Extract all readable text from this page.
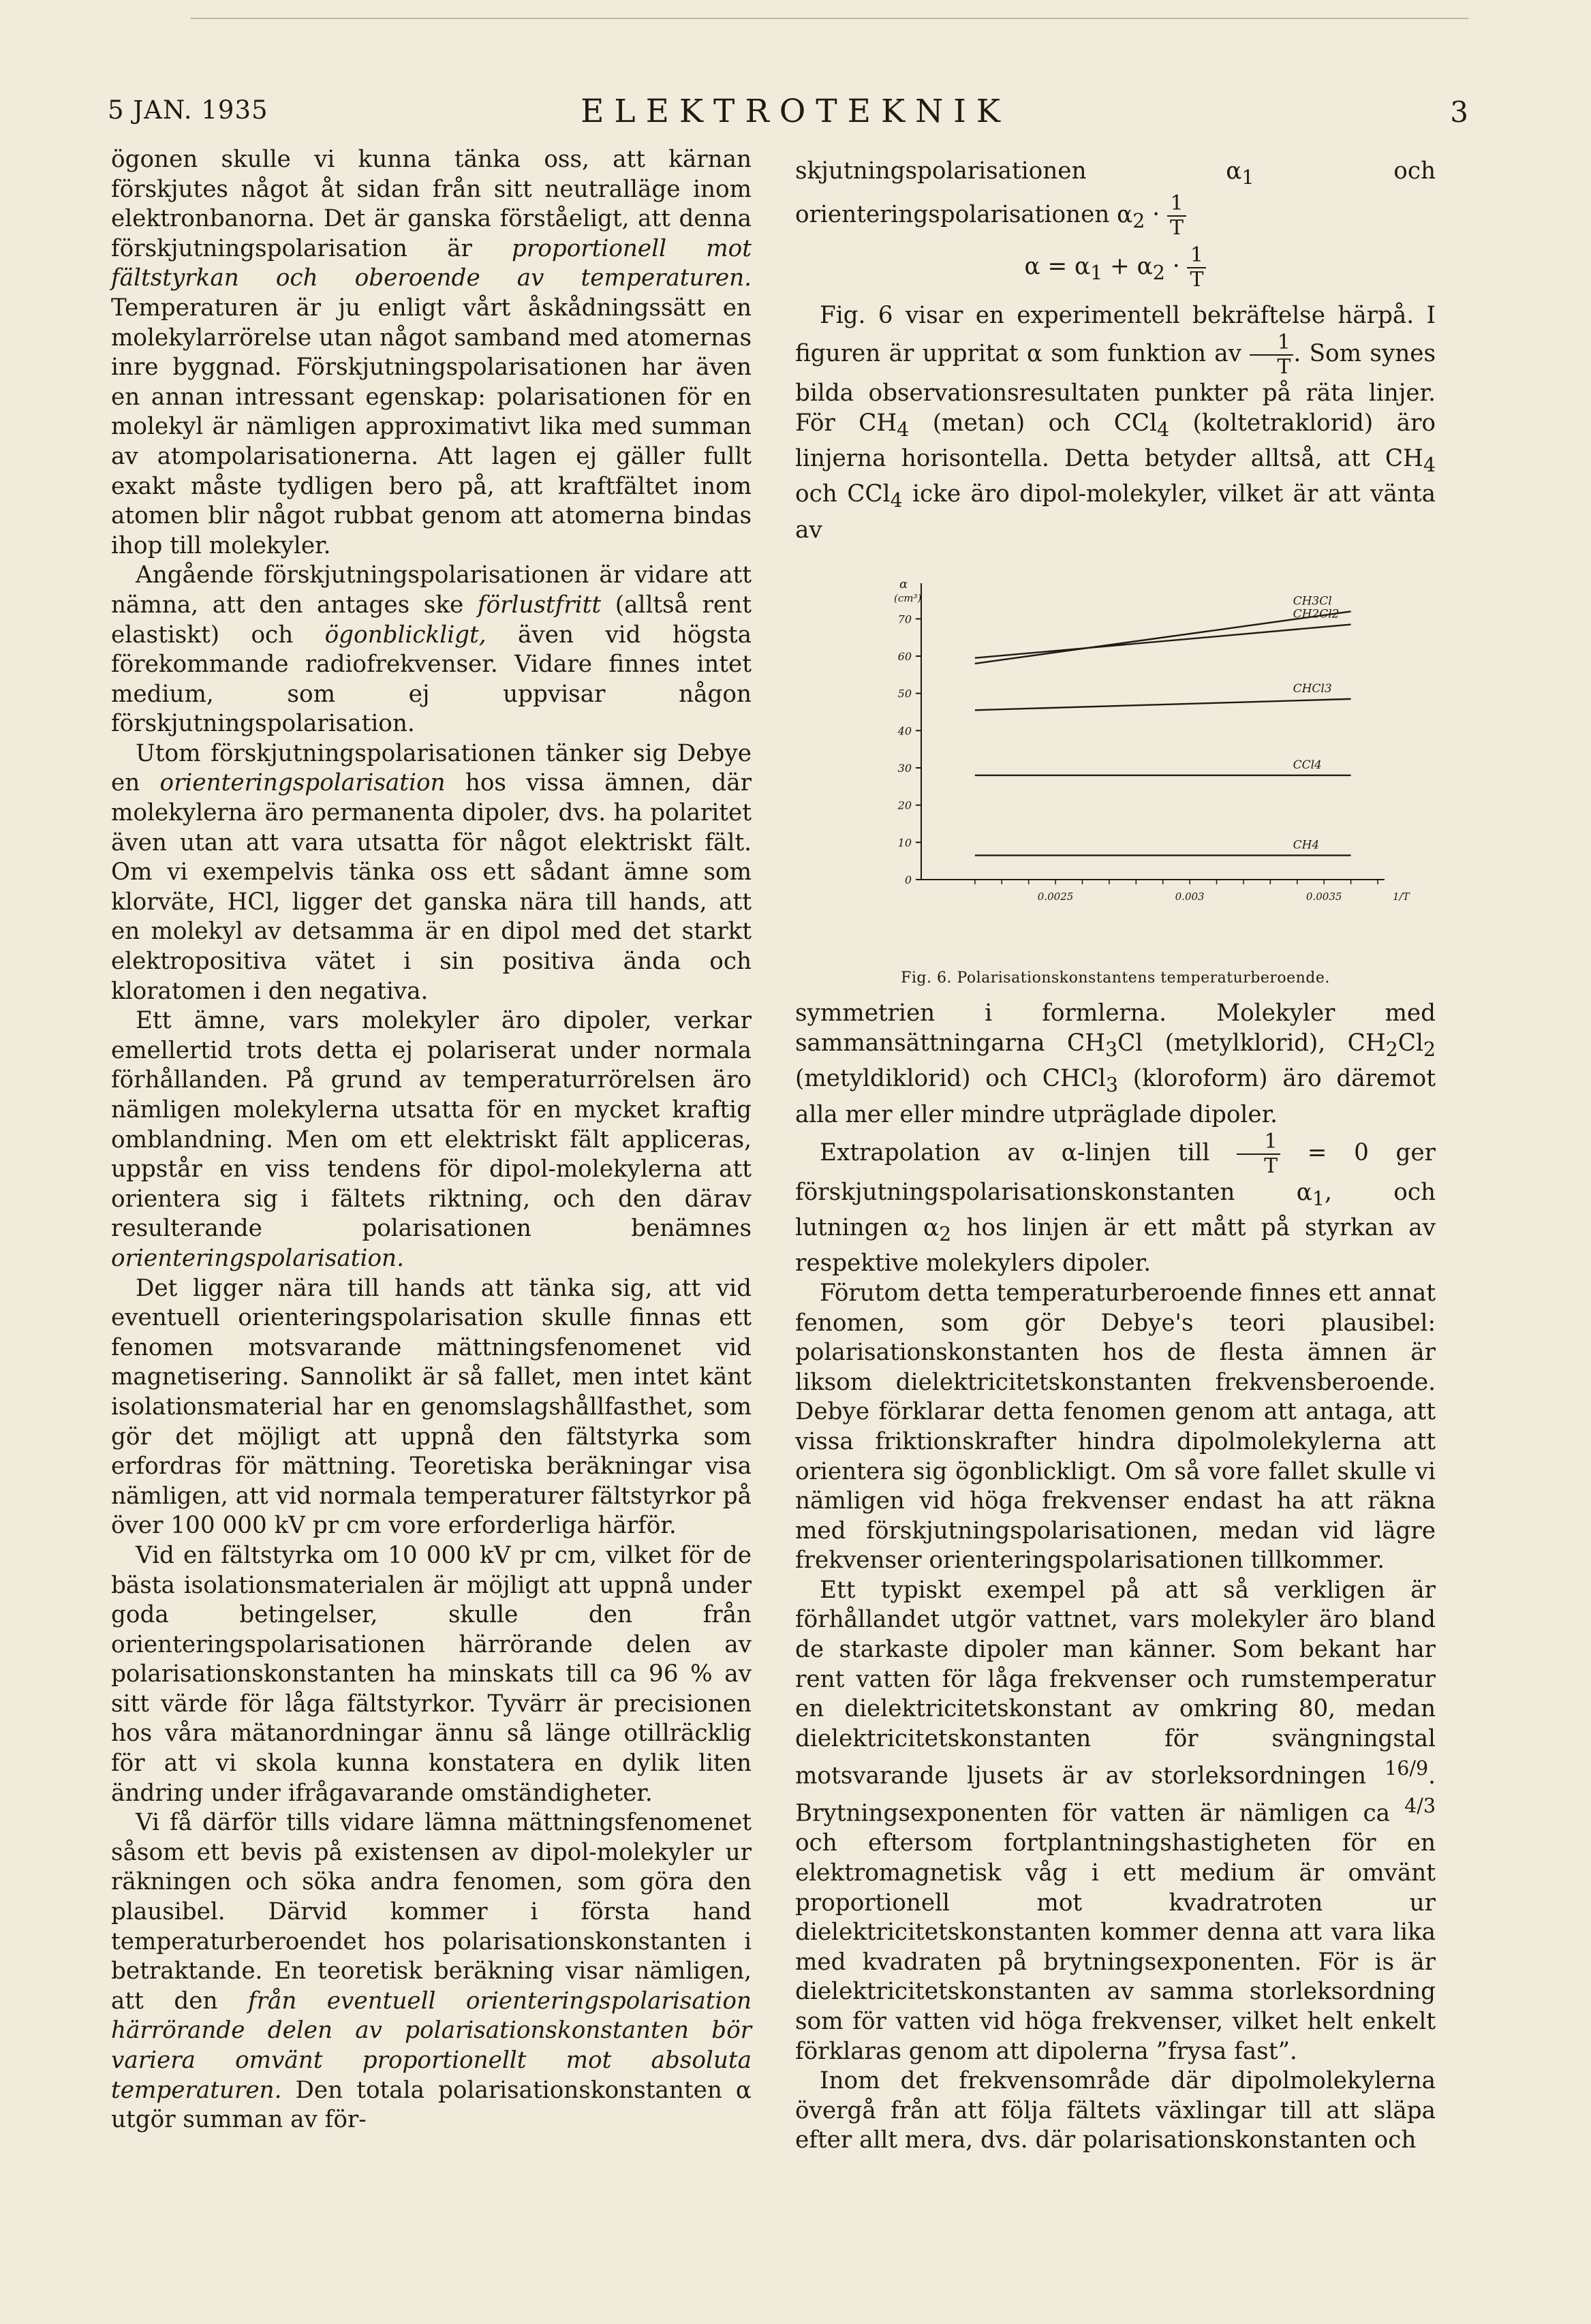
5 JAN. 1935	ELEKTROTEKNIK	3

ögonen skulle vi kunna tänka oss, att kärnan förskjutes något åt sidan från sitt neutralläge inom elektronbanorna. Det är ganska förståeligt, att denna förskjutningspolarisation är proportionell mot fältstyrkan och oberoende av temperaturen. Temperaturen är ju enligt vårt åskådningssätt en molekylarrörelse utan något samband med atomernas inre byggnad. Förskjutningspolarisationen har även en annan intressant egenskap: polarisationen för en molekyl är nämligen approximativt lika med summan av atompolarisationerna. Att lagen ej gäller fullt exakt måste tydligen bero på, att kraftfältet inom atomen blir något rubbat genom att atomerna bindas ihop till molekyler.

Angående förskjutningspolarisationen är vidare att nämna, att den antages ske förlustfritt (alltså rent elastiskt) och ögonblickligt, även vid högsta förekommande radiofrekvenser. Vidare finnes intet medium, som ej uppvisar någon förskjutningspolarisation.

Utom förskjutningspolarisationen tänker sig Debye en orienteringspolarisation hos vissa ämnen, där molekylerna äro permanenta dipoler, dvs. ha polaritet även utan att vara utsatta för något elektriskt fält. Om vi exempelvis tänka oss ett sådant ämne som klorväte, HCl, ligger det ganska nära till hands, att en molekyl av detsamma är en dipol med det starkt elektropositiva vätet i sin positiva ända och kloratomen i den negativa.

Ett ämne, vars molekyler äro dipoler, verkar emellertid trots detta ej polariserat under normala förhållanden. På grund av temperaturrörelsen äro nämligen molekylerna utsatta för en mycket kraftig omblandning. Men om ett elektriskt fält appliceras, uppstår en viss tendens för dipol-molekylerna att orientera sig i fältets riktning, och den därav resulterande polarisationen benämnes orienteringspolarisation.

Det ligger nära till hands att tänka sig, att vid eventuell orienteringspolarisation skulle finnas ett fenomen motsvarande mättningsfenomenet vid magnetisering. Sannolikt är så fallet, men intet känt isolationsmaterial har en genomslagshållfasthet, som gör det möjligt att uppnå den fältstyrka som erfordras för mättning. Teoretiska beräkningar visa nämligen, att vid normala temperaturer fältstyrkor på över 100 000 kV pr cm vore erforderliga härför.

Vid en fältstyrka om 10 000 kV pr cm, vilket för de bästa isolationsmaterialen är möjligt att uppnå under goda betingelser, skulle den från orienteringspolarisationen härrörande delen av polarisationskonstanten ha minskats till ca 96 % av sitt värde för låga fältstyrkor. Tyvärr är precisionen hos våra mätanordningar ännu så länge otillräcklig för att vi skola kunna konstatera en dylik liten ändring under ifrågavarande omständigheter.

Vi få därför tills vidare lämna mättningsfenomenet såsom ett bevis på existensen av dipol-molekyler ur räkningen och söka andra fenomen, som göra den plausibel. Därvid kommer i första hand temperaturberoendet hos polarisationskonstanten i betraktande. En teoretisk beräkning visar nämligen, att den från eventuell orienteringspolarisation härrörande delen av polarisationskonstanten bör variera omvänt proportionellt mot absoluta temperaturen. Den totala polarisationskonstanten α utgör summan av för-

skjutningspolarisationen $\alpha_1$ och orienteringspolarisationen $\alpha_2 \cdot \frac{1}{T}$

$\alpha = \alpha_1 + \alpha_2 \cdot \frac{1}{T}$

Fig. 6 visar en experimentell bekräftelse härpå. I figuren är uppritat α som funktion av $\frac{1}{T}$ . Som synes bilda observationsresultaten punkter på räta linjer. För $CH_4$ (metan) och CCl$_4$ (koltetraklorid) äro linjerna horisontella. Detta betyder alltså, att $CH_4$ och CCl$_4$ icke äro dipol-molekyler, vilket är att vänta av

α
(cm³)
0
10
20
30
40
50
60
70
0.0025	0.003	0.0035	1/T
CH3Cl
CH2Cl2
CHCl3
CCl4
CH4
Fig. 6. Polarisationskonstantens temperaturberoende.

symmetrien i formlerna. Molekyler med sammansättningarna $CH_3Cl$ (metylklorid), $CH_2Cl_2$ (metyldiklorid) och CHCl$_3$ (kloroform) äro däremot alla mer eller mindre utpräglade dipoler.

Extrapolation av α-linjen till $\frac{1}{T} = 0$ ger förskjutningspolarisationskonstanten $\alpha_1$, och lutningen $\alpha_2$ hos linjen är ett mått på styrkan av respektive molekylers dipoler.

Förutom detta temperaturberoende finnes ett annat fenomen, som gör Debye's teori plausibel: polarisationskonstanten hos de flesta ämnen är liksom dielektricitetskonstanten frekvensberoende. Debye förklarar detta fenomen genom att antaga, att vissa friktionskrafter hindra dipolmolekylerna att orientera sig ögonblickligt. Om så vore fallet skulle vi nämligen vid höga frekvenser endast ha att räkna med förskjutningspolarisationen, medan vid lägre frekvenser orienteringspolarisationen tillkommer.

Ett typiskt exempel på att så verkligen är förhållandet utgör vattnet, vars molekyler äro bland de starkaste dipoler man känner. Som bekant har rent vatten för låga frekvenser och rumstemperatur en dielektricitetskonstant av omkring 80, medan dielektricitetskonstanten för svängningstal motsvarande ljusets är av storleksordningen $^{16/9}$. Brytningsexponenten för vatten är nämligen ca $^{4/3}$ och eftersom fortplantningshastigheten för en elektromagnetisk våg i ett medium är omvänt proportionell mot kvadratroten ur dielektricitetskonstanten kommer denna att vara lika med kvadraten på brytningsexponenten. För is är dielektricitetskonstanten av samma storleksordning som för vatten vid höga frekvenser, vilket helt enkelt förklaras genom att dipolerna ”frysa fast”.

Inom det frekvensområde där dipolmolekylerna övergå från att följa fältets växlingar till att släpa efter allt mera, dvs. där polarisationskonstanten och
